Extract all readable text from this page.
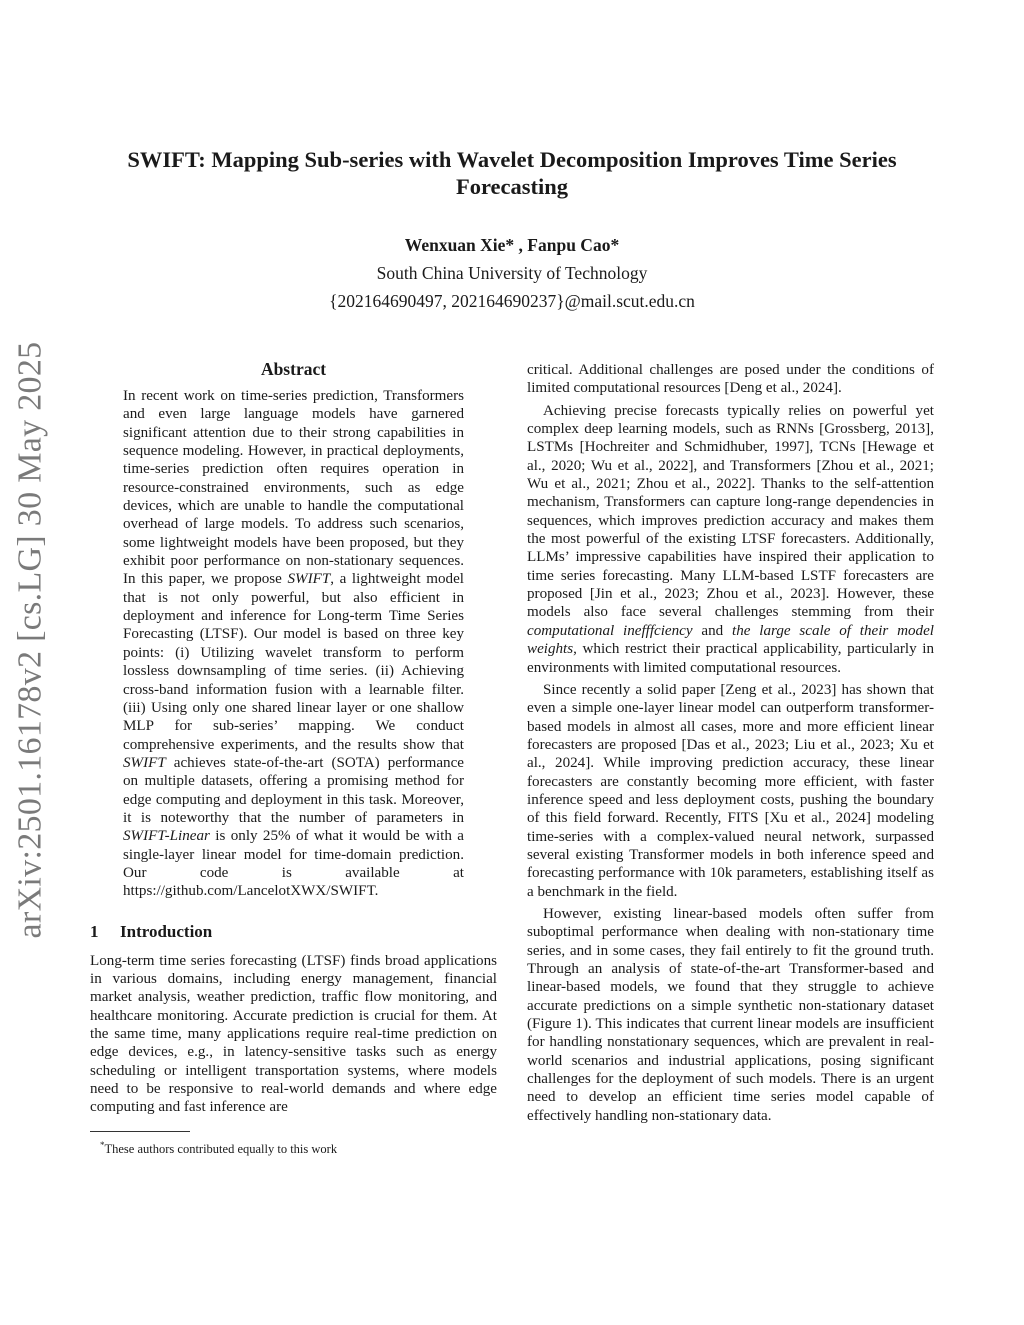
arXiv:2501.16178v2 [cs.LG] 30 May 2025
SWIFT: Mapping Sub-series with Wavelet Decomposition Improves Time Series Forecasting
Wenxuan Xie* , Fanpu Cao*
South China University of Technology
{202164690497, 202164690237}@mail.scut.edu.cn
Abstract

In recent work on time-series prediction, Transformers and even large language models have garnered significant attention due to their strong capabilities in sequence modeling. However, in practical deployments, time-series prediction often requires operation in resource-constrained environments, such as edge devices, which are unable to handle the computational overhead of large models. To address such scenarios, some lightweight models have been proposed, but they exhibit poor performance on non-stationary sequences. In this paper, we propose SWIFT, a lightweight model that is not only powerful, but also efficient in deployment and inference for Long-term Time Series Forecasting (LTSF). Our model is based on three key points: (i) Utilizing wavelet transform to perform lossless downsampling of time series. (ii) Achieving cross-band information fusion with a learnable filter. (iii) Using only one shared linear layer or one shallow MLP for sub-series’ mapping. We conduct comprehensive experiments, and the results show that SWIFT achieves state-of-the-art (SOTA) performance on multiple datasets, offering a promising method for edge computing and deployment in this task. Moreover, it is noteworthy that the number of parameters in SWIFT-Linear is only 25% of what it would be with a single-layer linear model for time-domain prediction. Our code is available at https://github.com/LancelotXWX/SWIFT.

1 Introduction

Long-term time series forecasting (LTSF) finds broad applications in various domains, including energy management, financial market analysis, weather prediction, traffic flow monitoring, and healthcare monitoring. Accurate prediction is crucial for them. At the same time, many applications require real-time prediction on edge devices, e.g., in latency-sensitive tasks such as energy scheduling or intelligent transportation systems, where models need to be responsive to real-world demands and where edge computing and fast inference are

*These authors contributed equally to this work

critical. Additional challenges are posed under the conditions of limited computational resources [Deng et al., 2024].

Achieving precise forecasts typically relies on powerful yet complex deep learning models, such as RNNs [Grossberg, 2013], LSTMs [Hochreiter and Schmidhuber, 1997], TCNs [Hewage et al., 2020; Wu et al., 2022], and Transformers [Zhou et al., 2021; Wu et al., 2021; Zhou et al., 2022]. Thanks to the self-attention mechanism, Transformers can capture long-range dependencies in sequences, which improves prediction accuracy and makes them the most powerful of the existing LTSF forecasters. Additionally, LLMs’ impressive capabilities have inspired their application to time series forecasting. Many LLM-based LSTF forecasters are proposed [Jin et al., 2023; Zhou et al., 2023]. However, these models also face several challenges stemming from their computational inefffciency and the large scale of their model weights, which restrict their practical applicability, particularly in environments with limited computational resources.

Since recently a solid paper [Zeng et al., 2023] has shown that even a simple one-layer linear model can outperform transformer-based models in almost all cases, more and more efficient linear forecasters are proposed [Das et al., 2023; Liu et al., 2023; Xu et al., 2024]. While improving prediction accuracy, these linear forecasters are constantly becoming more efficient, with faster inference speed and less deployment costs, pushing the boundary of this field forward. Recently, FITS [Xu et al., 2024] modeling time-series with a complex-valued neural network, surpassed several existing Transformer models in both inference speed and forecasting performance with 10k parameters, establishing itself as a benchmark in the field.

However, existing linear-based models often suffer from suboptimal performance when dealing with non-stationary time series, and in some cases, they fail entirely to fit the ground truth. Through an analysis of state-of-the-art Transformer-based and linear-based models, we found that they struggle to achieve accurate predictions on a simple synthetic non-stationary dataset (Figure 1). This indicates that current linear models are insufficient for handling nonstationary sequences, which are prevalent in real-world scenarios and industrial applications, posing significant challenges for the deployment of such models. There is an urgent need to develop an efficient time series model capable of effectively handling non-stationary data.
